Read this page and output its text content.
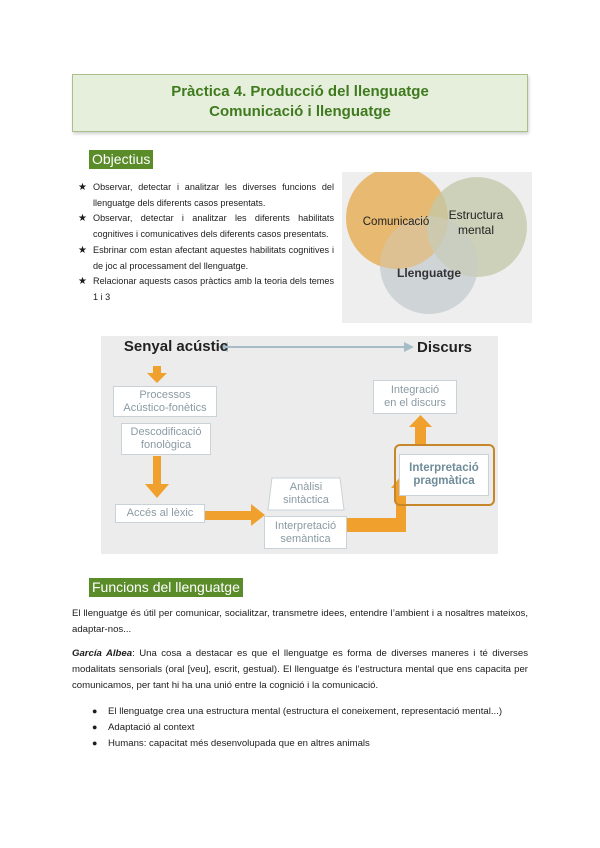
Pràctica 4. Producció del llenguatge
Comunicació i llenguatge
Objectius
★ Observar, detectar i analitzar les diverses funcions del llenguatge dels diferents casos presentats.
★ Observar, detectar i analitzar les diferents habilitats cognitives i comunicatives dels diferents casos presentats.
★ Esbrinar com estan afectant aquestes habilitats cognitives i de joc al processament del llenguatge.
★ Relacionar aquests casos pràctics amb la teoria dels temes 1 i 3
Comunicació Estructura
mental
Llenguatge
Senyal acústic	Discurs
Processos
Acústico-fonètics
Descodificació
fonològica
Accés al lèxic
Anàlisi
sintàctica
Interpretació
semàntica
Interpretació
pragmàtica
Integració
en el discurs
Funcions del llenguatge
El llenguatge és útil per comunicar, socialitzar, transmetre idees, entendre l’ambient i a nosaltres mateixos, adaptar-nos...
García Albea: Una cosa a destacar es que el llenguatge es forma de diverses maneres i té diverses modalitats sensorials (oral [veu], escrit, gestual). El llenguatge és l’estructura mental que ens capacita per comunicamos, per tant hi ha una unió entre la cognició i la comunicació.
● El llenguatge crea una estructura mental (estructura el coneixement, representació mental...)
● Adaptació al context
● Humans: capacitat més desenvolupada que en altres animals
